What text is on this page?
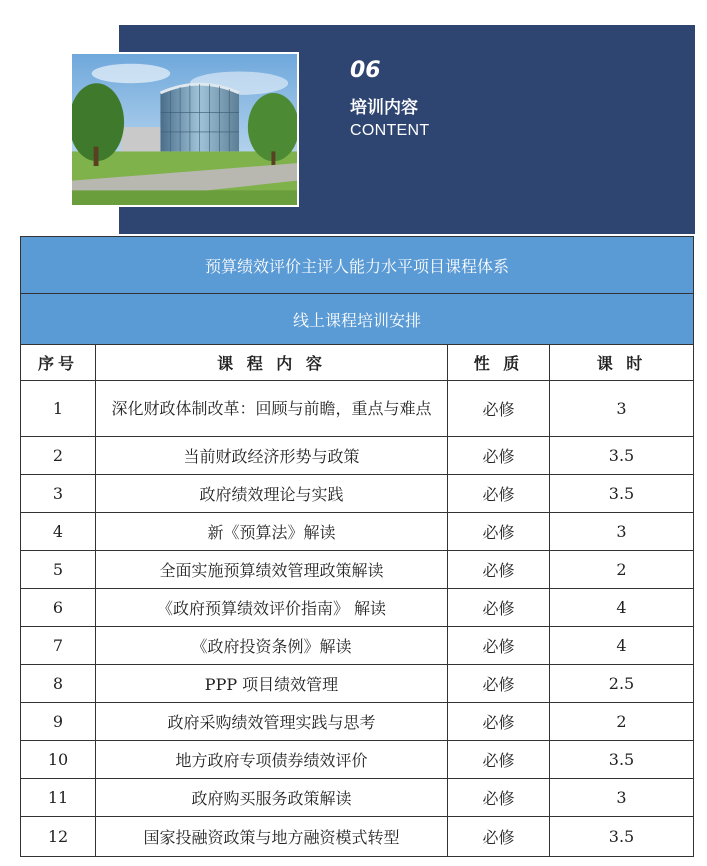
06
培训内容
CONTENT
预算绩效评价主评人能力水平项目课程体系			
线上课程培训安排			
序号	课 程 内 容	性 质	课 时
1	深化财政体制改革：回顾与前瞻，重点与难点	必修	3
2	当前财政经济形势与政策	必修	3.5
3	政府绩效理论与实践	必修	3.5
4	新《预算法》解读	必修	3
5	全面实施预算绩效管理政策解读	必修	2
6	《政府预算绩效评价指南》 解读	必修	4
7	《政府投资条例》解读	必修	4
8	PPP 项目绩效管理	必修	2.5
9	政府采购绩效管理实践与思考	必修	2
10	地方政府专项债券绩效评价	必修	3.5
11	政府购买服务政策解读	必修	3
12	国家投融资政策与地方融资模式转型	必修	3.5
